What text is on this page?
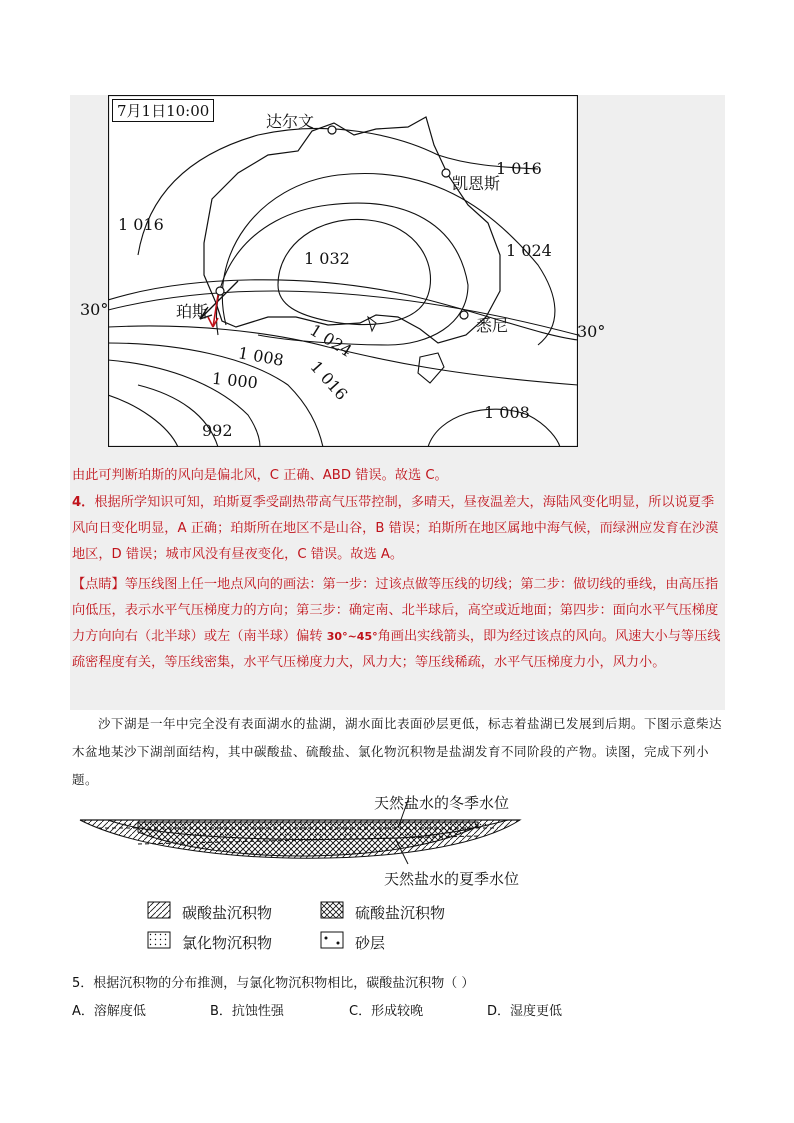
7月1日10:00
达尔文
凯恩斯
珀斯
悉尼
1 016
1 016
1 024
1 032
1 024
1 016
1 008
1 000
992
1 008
30°
30°
由此可判断珀斯的风向是偏北风，C 正确、ABD 错误。故选 C。
4．根据所学知识可知，珀斯夏季受副热带高气压带控制，多晴天，昼夜温差大，海陆风变化明显，所以说夏季风向日变化明显，A 正确；珀斯所在地区不是山谷，B 错误；珀斯所在地区属地中海气候，而绿洲应发育在沙漠地区，D 错误；城市风没有昼夜变化，C 错误。故选 A。
【点睛】等压线图上任一地点风向的画法：第一步：过该点做等压线的切线；第二步：做切线的垂线，由高压指向低压，表示水平气压梯度力的方向；第三步：确定南、北半球后，高空或近地面；第四步：面向水平气压梯度力方向向右（北半球）或左（南半球）偏转 30°~45°角画出实线箭头，即为经过该点的风向。风速大小与等压线疏密程度有关，等压线密集，水平气压梯度力大，风力大；等压线稀疏，水平气压梯度力小，风力小。
沙下湖是一年中完全没有表面湖水的盐湖，湖水面比表面砂层更低，标志着盐湖已发展到后期。下图示意柴达木盆地某沙下湖剖面结构，其中碳酸盐、硫酸盐、氯化物沉积物是盐湖发育不同阶段的产物。读图，完成下列小题。
天然盐水的冬季水位
天然盐水的夏季水位
碳酸盐沉积物	硫酸盐沉积物
氯化物沉积物	砂层
5．根据沉积物的分布推测，与氯化物沉积物相比，碳酸盐沉积物（ ）
A．溶解度低	B．抗蚀性强	C．形成较晚	D．湿度更低
